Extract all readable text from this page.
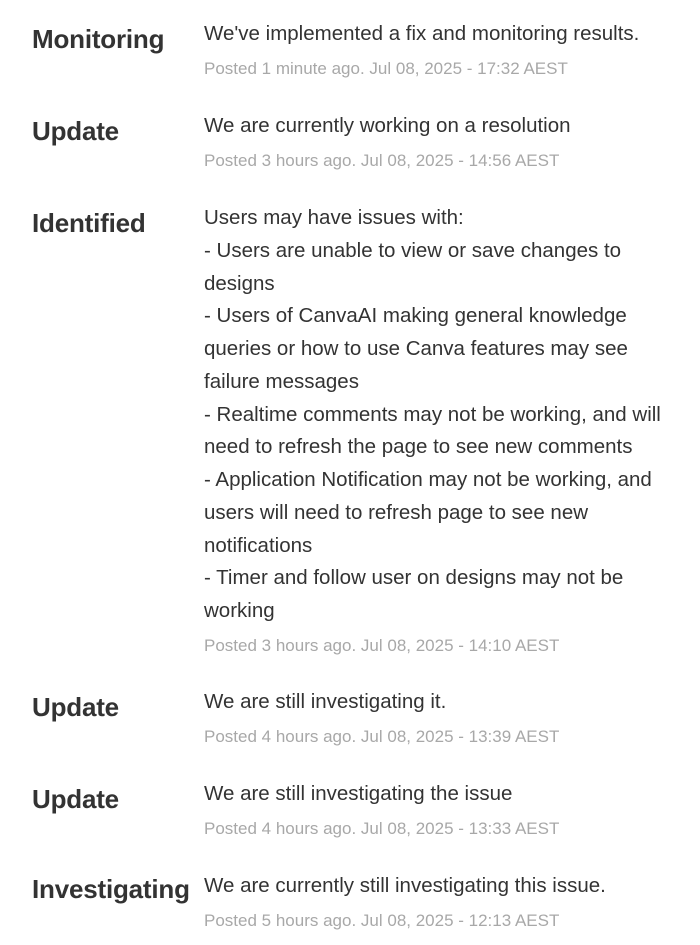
Monitoring We've implemented a fix and monitoring results.
Posted 1 minute ago. Jul 08, 2025 - 17:32 AEST
Update	We are currently working on a resolution
Posted 3 hours ago. Jul 08, 2025 - 14:56 AEST
Identified	Users may have issues with:
- Users are unable to view or save changes to
designs
- Users of CanvaAI making general knowledge
queries or how to use Canva features may see
failure messages
- Realtime comments may not be working, and will
need to refresh the page to see new comments
- Application Notification may not be working, and
users will need to refresh page to see new
notifications
- Timer and follow user on designs may not be
working
Posted 3 hours ago. Jul 08, 2025 - 14:10 AEST
Update	We are still investigating it.
Posted 4 hours ago. Jul 08, 2025 - 13:39 AEST
Update	We are still investigating the issue
Posted 4 hours ago. Jul 08, 2025 - 13:33 AEST
Investigating We are currently still investigating this issue.
Posted 5 hours ago. Jul 08, 2025 - 12:13 AEST
